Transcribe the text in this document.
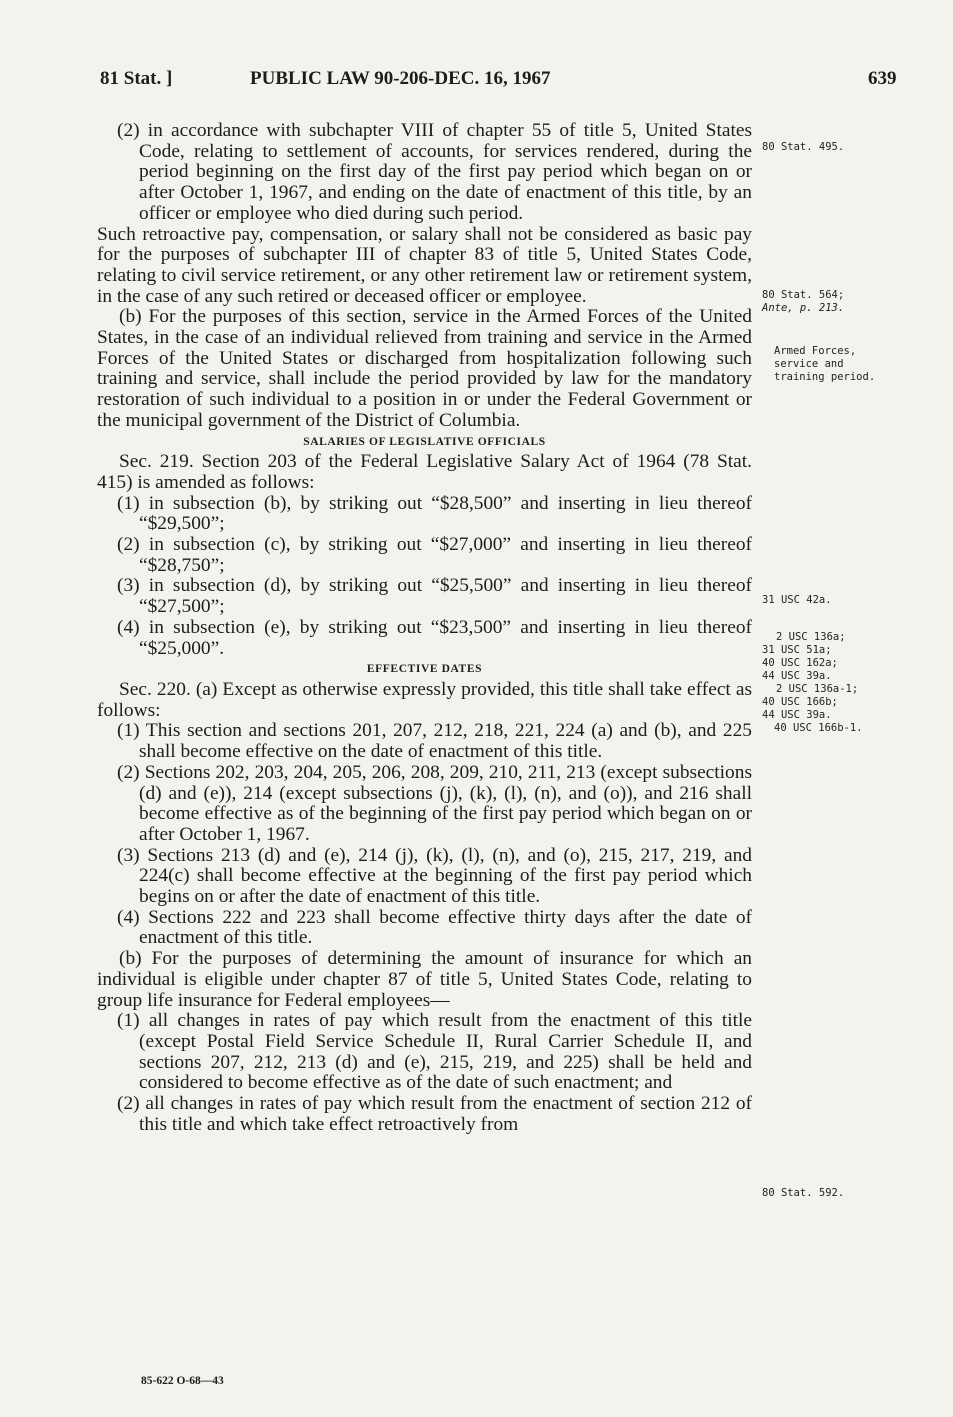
81 Stat. ]	PUBLIC LAW 90-206-DEC. 16, 1967	639

(2) in accordance with subchapter VIII of chapter 55 of title 5, United States Code, relating to settlement of accounts, for services rendered, during the period beginning on the first day of the first pay period which began on or after October 1, 1967, and ending on the date of enactment of this title, by an officer or employee who died during such period.

Such retroactive pay, compensation, or salary shall not be considered as basic pay for the purposes of subchapter III of chapter 83 of title 5, United States Code, relating to civil service retirement, or any other retirement law or retirement system, in the case of any such retired or deceased officer or employee.

(b) For the purposes of this section, service in the Armed Forces of the United States, in the case of an individual relieved from training and service in the Armed Forces of the United States or discharged from hospitalization following such training and service, shall include the period provided by law for the mandatory restoration of such individual to a position in or under the Federal Government or the municipal government of the District of Columbia.

SALARIES OF LEGISLATIVE OFFICIALS

Sec. 219. Section 203 of the Federal Legislative Salary Act of 1964 (78 Stat. 415) is amended as follows:

(1) in subsection (b), by striking out “$28,500” and inserting in lieu thereof “$29,500”;

(2) in subsection (c), by striking out “$27,000” and inserting in lieu thereof “$28,750”;

(3) in subsection (d), by striking out “$25,500” and inserting in lieu thereof “$27,500”;

(4) in subsection (e), by striking out “$23,500” and inserting in lieu thereof “$25,000”.

EFFECTIVE DATES

Sec. 220. (a) Except as otherwise expressly provided, this title shall take effect as follows:

(1) This section and sections 201, 207, 212, 218, 221, 224 (a) and (b), and 225 shall become effective on the date of enactment of this title.

(2) Sections 202, 203, 204, 205, 206, 208, 209, 210, 211, 213 (except subsections (d) and (e)), 214 (except subsections (j), (k), (l), (n), and (o)), and 216 shall become effective as of the beginning of the first pay period which began on or after October 1, 1967.

(3) Sections 213 (d) and (e), 214 (j), (k), (l), (n), and (o), 215, 217, 219, and 224(c) shall become effective at the beginning of the first pay period which begins on or after the date of enactment of this title.

(4) Sections 222 and 223 shall become effective thirty days after the date of enactment of this title.

(b) For the purposes of determining the amount of insurance for which an individual is eligible under chapter 87 of title 5, United States Code, relating to group life insurance for Federal employees—

(1) all changes in rates of pay which result from the enactment of this title (except Postal Field Service Schedule II, Rural Carrier Schedule II, and sections 207, 212, 213 (d) and (e), 215, 219, and 225) shall be held and considered to become effective as of the date of such enactment; and

(2) all changes in rates of pay which result from the enactment of section 212 of this title and which take effect retroactively from

80 Stat. 495.
80 Stat. 564;
Ante, p. 213.
Armed Forces,
service and
training period.
31 USC 42a.
2 USC 136a;
31 USC 51a;
40 USC 162a;
44 USC 39a.
2 USC 136a-1;
40 USC 166b;
44 USC 39a.
40 USC 166b-1.
80 Stat. 592.
85-622 O-68—43
